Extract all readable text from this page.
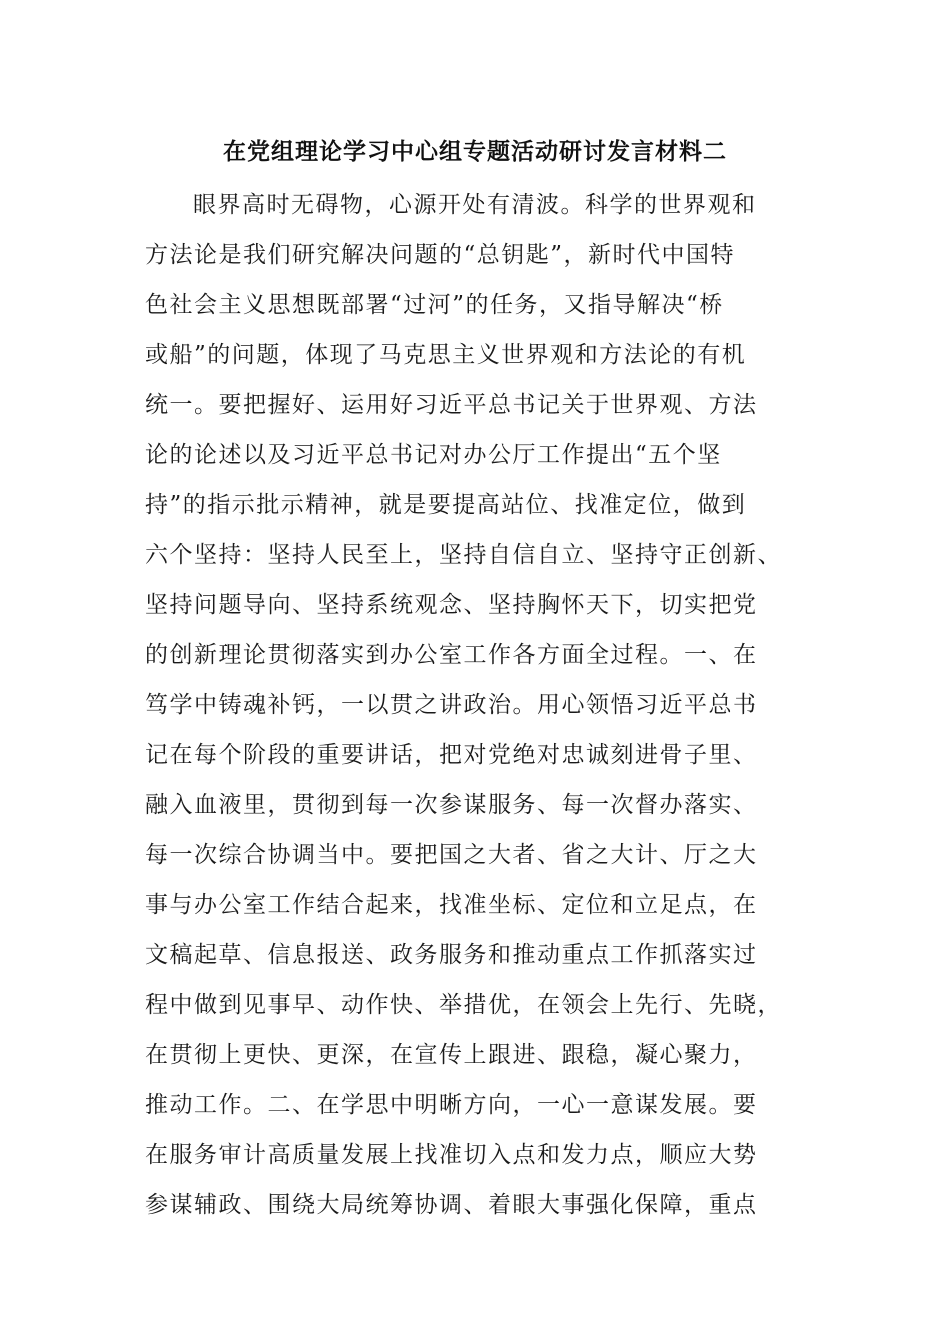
在党组理论学习中心组专题活动研讨发言材料二
眼界高时无碍物，心源开处有清波。科学的世界观和
方法论是我们研究解决问题的“总钥匙”，新时代中国特
色社会主义思想既部署“过河”的任务，又指导解决“桥
或船”的问题，体现了马克思主义世界观和方法论的有机
统一。要把握好、运用好习近平总书记关于世界观、方法
论的论述以及习近平总书记对办公厅工作提出“五个坚
持”的指示批示精神，就是要提高站位、找准定位，做到
六个坚持：坚持人民至上，坚持自信自立、坚持守正创新、
坚持问题导向、坚持系统观念、坚持胸怀天下，切实把党
的创新理论贯彻落实到办公室工作各方面全过程。一、在
笃学中铸魂补钙，一以贯之讲政治。用心领悟习近平总书
记在每个阶段的重要讲话，把对党绝对忠诚刻进骨子里、
融入血液里，贯彻到每一次参谋服务、每一次督办落实、
每一次综合协调当中。要把国之大者、省之大计、厅之大
事与办公室工作结合起来，找准坐标、定位和立足点，在
文稿起草、信息报送、政务服务和推动重点工作抓落实过
程中做到见事早、动作快、举措优，在领会上先行、先晓，
在贯彻上更快、更深，在宣传上跟进、跟稳，凝心聚力，
推动工作。二、在学思中明晰方向，一心一意谋发展。要
在服务审计高质量发展上找准切入点和发力点，顺应大势
参谋辅政、围绕大局统筹协调、着眼大事强化保障，重点
